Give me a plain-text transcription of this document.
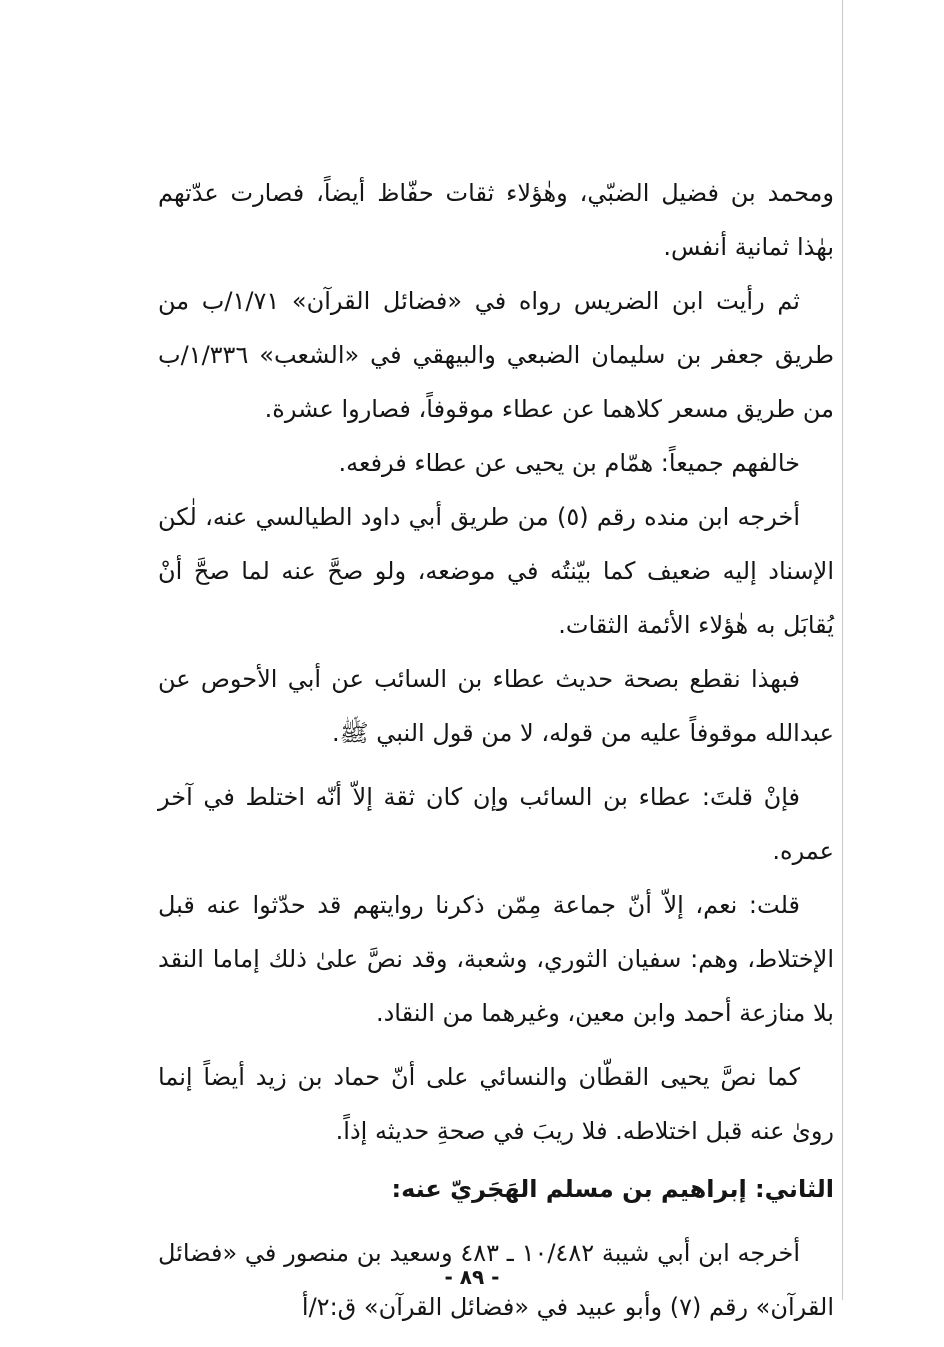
ومحمد بن فضيل الضبّي، وهٰؤلاء ثقات حفّاظ أيضاً، فصارت عدّتهم بهٰذا ثمانية أنفس.

ثم رأيت ابن الضريس رواه في «فضائل القرآن» ١/٧١/ب من طريق جعفر بن سليمان الضبعي والبيهقي في «الشعب» ١/٣٣٦/ب من طريق مسعر كلاهما عن عطاء موقوفاً، فصاروا عشرة.

خالفهم جميعاً: همّام بن يحيى عن عطاء فرفعه.

أخرجه ابن منده رقم (٥) من طريق أبي داود الطيالسي عنه، لٰكن الإسناد إليه ضعيف كما بيّنتُه في موضعه، ولو صحَّ عنه لما صحَّ أنْ يُقابَل به هٰؤلاء الأئمة الثقات.

فبهذا نقطع بصحة حديث عطاء بن السائب عن أبي الأحوص عن عبدالله موقوفاً عليه من قوله، لا من قول النبي ﷺ.

فإنْ قلتَ: عطاء بن السائب وإن كان ثقة إلاّ أنّه اختلط في آخر عمره.

قلت: نعم، إلاّ أنّ جماعة مِمّن ذكرنا روايتهم قد حدّثوا عنه قبل الإختلاط، وهم: سفيان الثوري، وشعبة، وقد نصَّ علىٰ ذلك إماما النقد بلا منازعة أحمد وابن معين، وغيرهما من النقاد.

كما نصَّ يحيى القطّان والنسائي على أنّ حماد بن زيد أيضاً إنما روىٰ عنه قبل اختلاطه. فلا ريبَ في صحةِ حديثه إذاً.

الثاني: إبراهيم بن مسلم الهَجَريّ عنه:

أخرجه ابن أبي شيبة ١٠/٤٨٢ ـ ٤٨٣ وسعيد بن منصور في «فضائل القرآن» رقم (٧) وأبو عبيد في «فضائل القرآن» ق:٢/أ

- ٨٩ -
